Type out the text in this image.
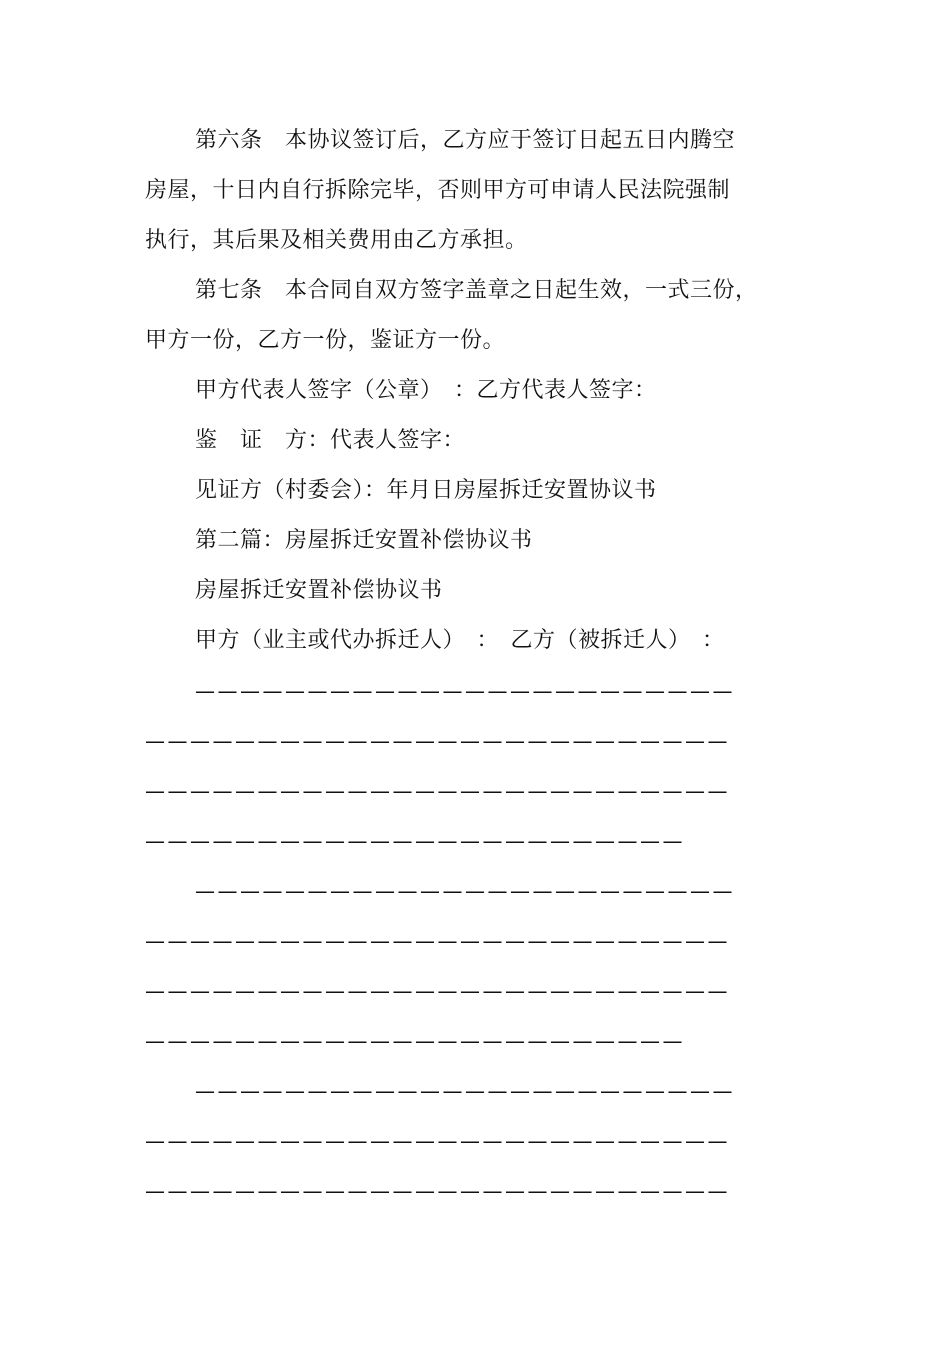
第六条　本协议签订后，乙方应于签订日起五日内腾空
房屋，十日内自行拆除完毕，否则甲方可申请人民法院强制
执行，其后果及相关费用由乙方承担。
第七条　本合同自双方签字盖章之日起生效，一式三份，
甲方一份，乙方一份，鉴证方一份。
甲方代表人签字（公章）　：乙方代表人签字：
鉴　证　方：代表人签字：
见证方（村委会）：年月日房屋拆迁安置协议书
第二篇：房屋拆迁安置补偿协议书
房屋拆迁安置补偿协议书
甲方（业主或代办拆迁人）　：　乙方（被拆迁人）　：
————————————————————————
——————————————————————————
——————————————————————————
————————————————————————
————————————————————————
——————————————————————————
——————————————————————————
————————————————————————
————————————————————————
——————————————————————————
——————————————————————————
